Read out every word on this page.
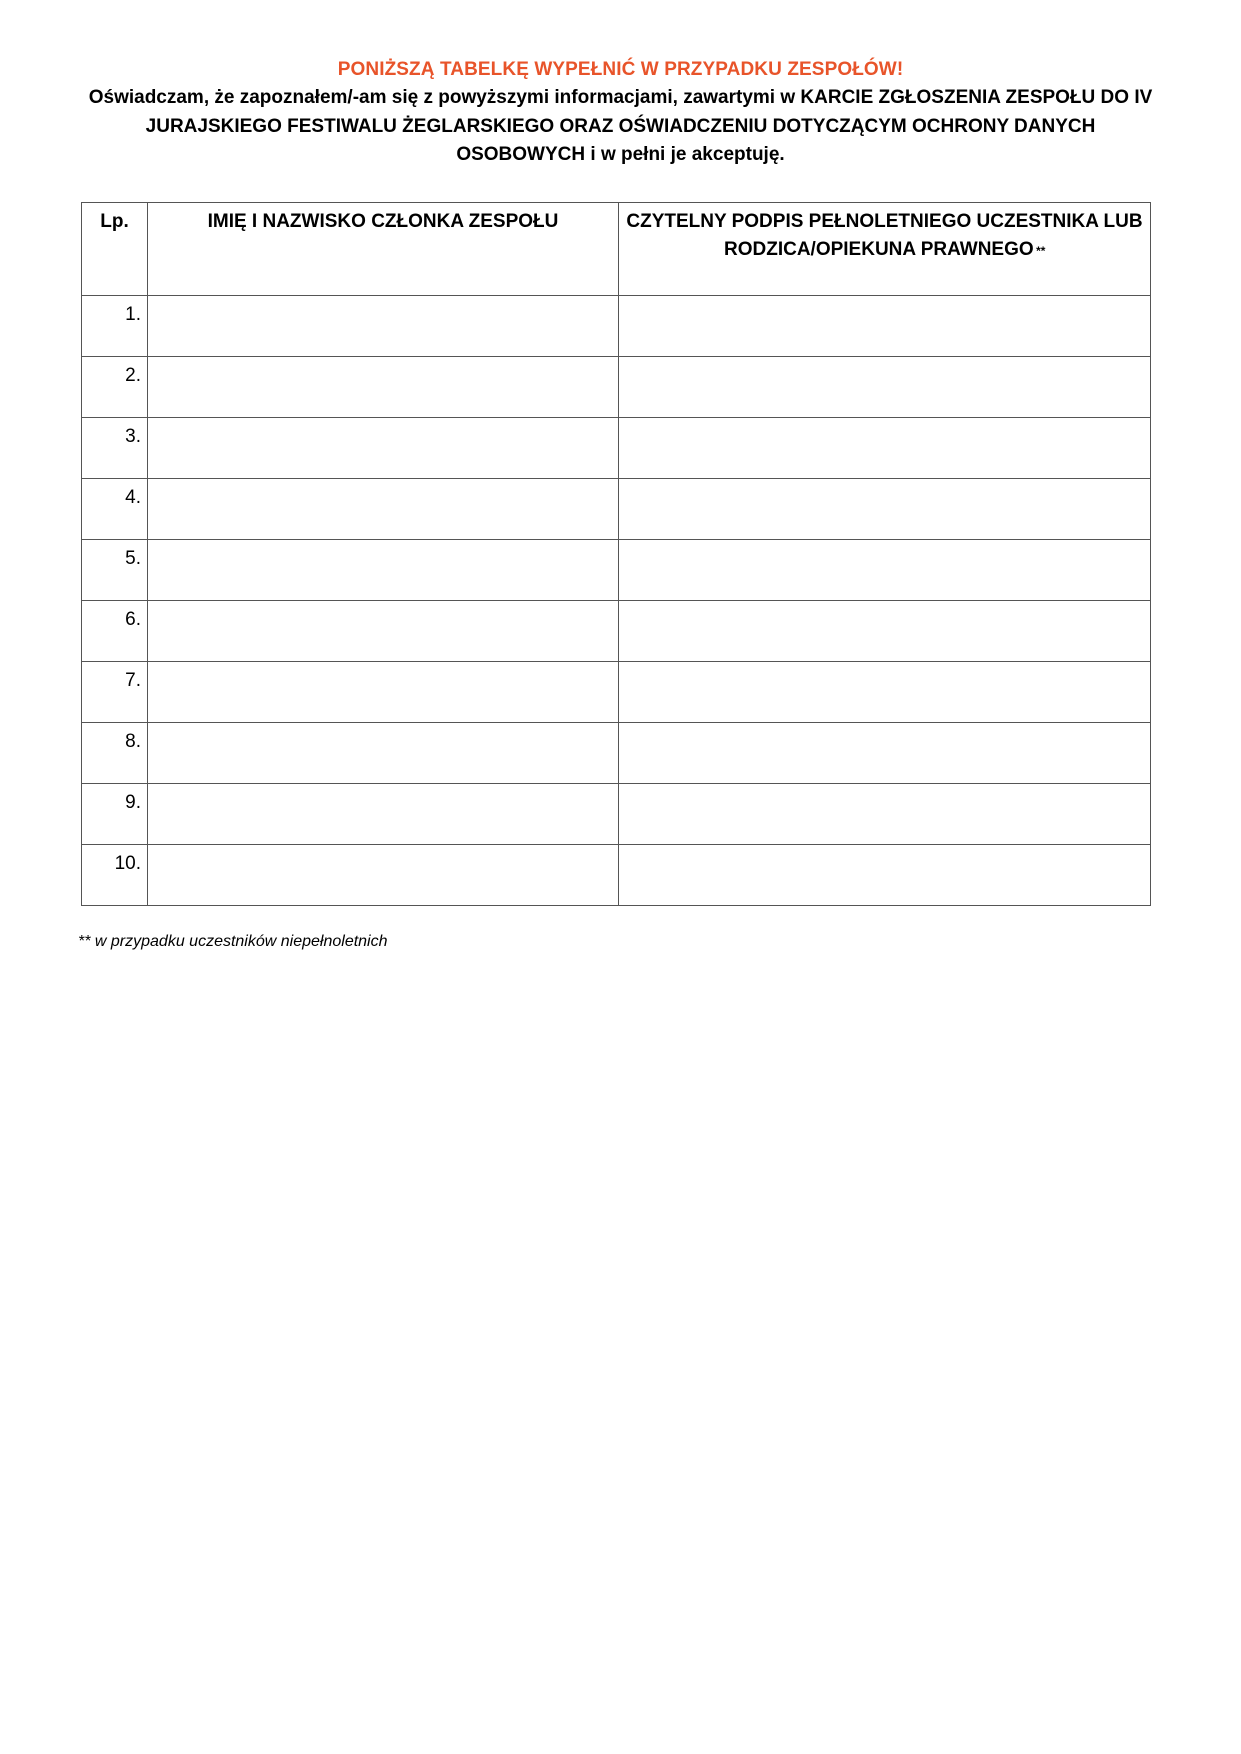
PONIŻSZĄ TABELKĘ WYPEŁNIĆ W PRZYPADKU ZESPOŁÓW!
Oświadczam, że zapoznałem/-am się z powyższymi informacjami, zawartymi w KARCIE ZGŁOSZENIA ZESPOŁU DO IV JURAJSKIEGO FESTIWALU ŻEGLARSKIEGO ORAZ OŚWIADCZENIU DOTYCZĄCYM OCHRONY DANYCH OSOBOWYCH i w pełni je akceptuję.
Lp.	IMIĘ I NAZWISKO CZŁONKA ZESPOŁU	CZYTELNY PODPIS PEŁNOLETNIEGO UCZESTNIKA LUB RODZICA/OPIEKUNA PRAWNEGO **
1.		
2.		
3.		
4.		
5.		
6.		
7.		
8.		
9.		
10.		
** w przypadku uczestników niepełnoletnich
